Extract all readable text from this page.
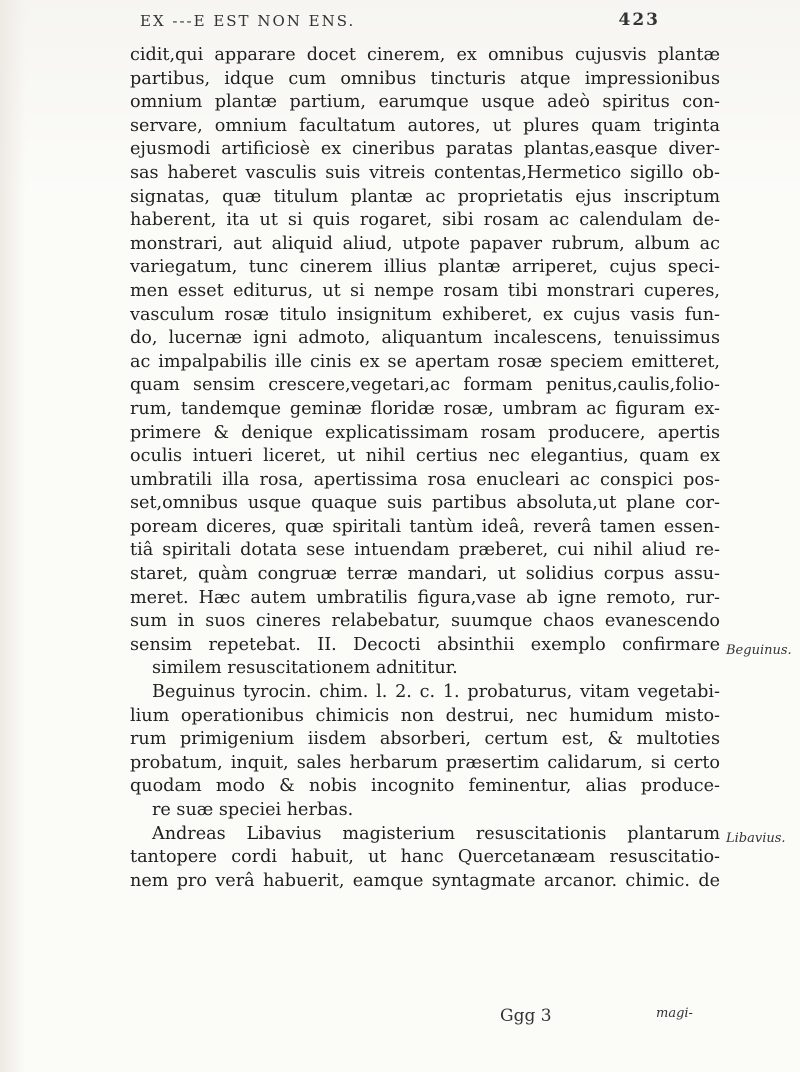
EX ---E EST NON ENS.	423
cidit,qui apparare docet cinerem, ex omnibus cujusvis plantæ
partibus, idque cum omnibus tincturis atque impressionibus
omnium plantæ partium, earumque usque adeò spiritus con-
servare, omnium facultatum autores, ut plures quam triginta
ejusmodi artificiosè ex cineribus paratas plantas,easque diver-
sas haberet vasculis suis vitreis contentas,Hermetico sigillo ob-
signatas, quæ titulum plantæ ac proprietatis ejus inscriptum
haberent, ita ut si quis rogaret, sibi rosam ac calendulam de-
monstrari, aut aliquid aliud, utpote papaver rubrum, album ac
variegatum, tunc cinerem illius plantæ arriperet, cujus speci-
men esset editurus, ut si nempe rosam tibi monstrari cuperes,
vasculum rosæ titulo insignitum exhiberet, ex cujus vasis fun-
do, lucernæ igni admoto, aliquantum incalescens, tenuissimus
ac impalpabilis ille cinis ex se apertam rosæ speciem emitteret,
quam sensim crescere,vegetari,ac formam penitus,caulis,folio-
rum, tandemque geminæ floridæ rosæ, umbram ac figuram ex-
primere & denique explicatissimam rosam producere, apertis
oculis intueri liceret, ut nihil certius nec elegantius, quam ex
umbratili illa rosa, apertissima rosa enucleari ac conspici pos-
set,omnibus usque quaque suis partibus absoluta,ut plane cor-
poream diceres, quæ spiritali tantùm ideâ, reverâ tamen essen-
tiâ spiritali dotata sese intuendam præberet, cui nihil aliud re-
staret, quàm congruæ terræ mandari, ut solidius corpus assu-
meret. Hæc autem umbratilis figura,vase ab igne remoto, rur-
sum in suos cineres relabebatur, suumque chaos evanescendo
sensim repetebat. II. Decocti absinthii exemplo confirmare
similem resuscitationem adnititur.
Beguinus tyrocin. chim. l. 2. c. 1. probaturus, vitam vegetabi-
lium operationibus chimicis non destrui, nec humidum misto-
rum primigenium iisdem absorberi, certum est, & multoties
probatum, inquit, sales herbarum præsertim calidarum, si certo
quodam modo & nobis incognito feminentur, alias produce-
re suæ speciei herbas.
Andreas Libavius magisterium resuscitationis plantarum
tantopere cordi habuit, ut hanc Quercetanæam resuscitatio-
nem pro verâ habuerit, eamque syntagmate arcanor. chimic. de
Beguinus.
Libavius.
Ggg 3	magi-
